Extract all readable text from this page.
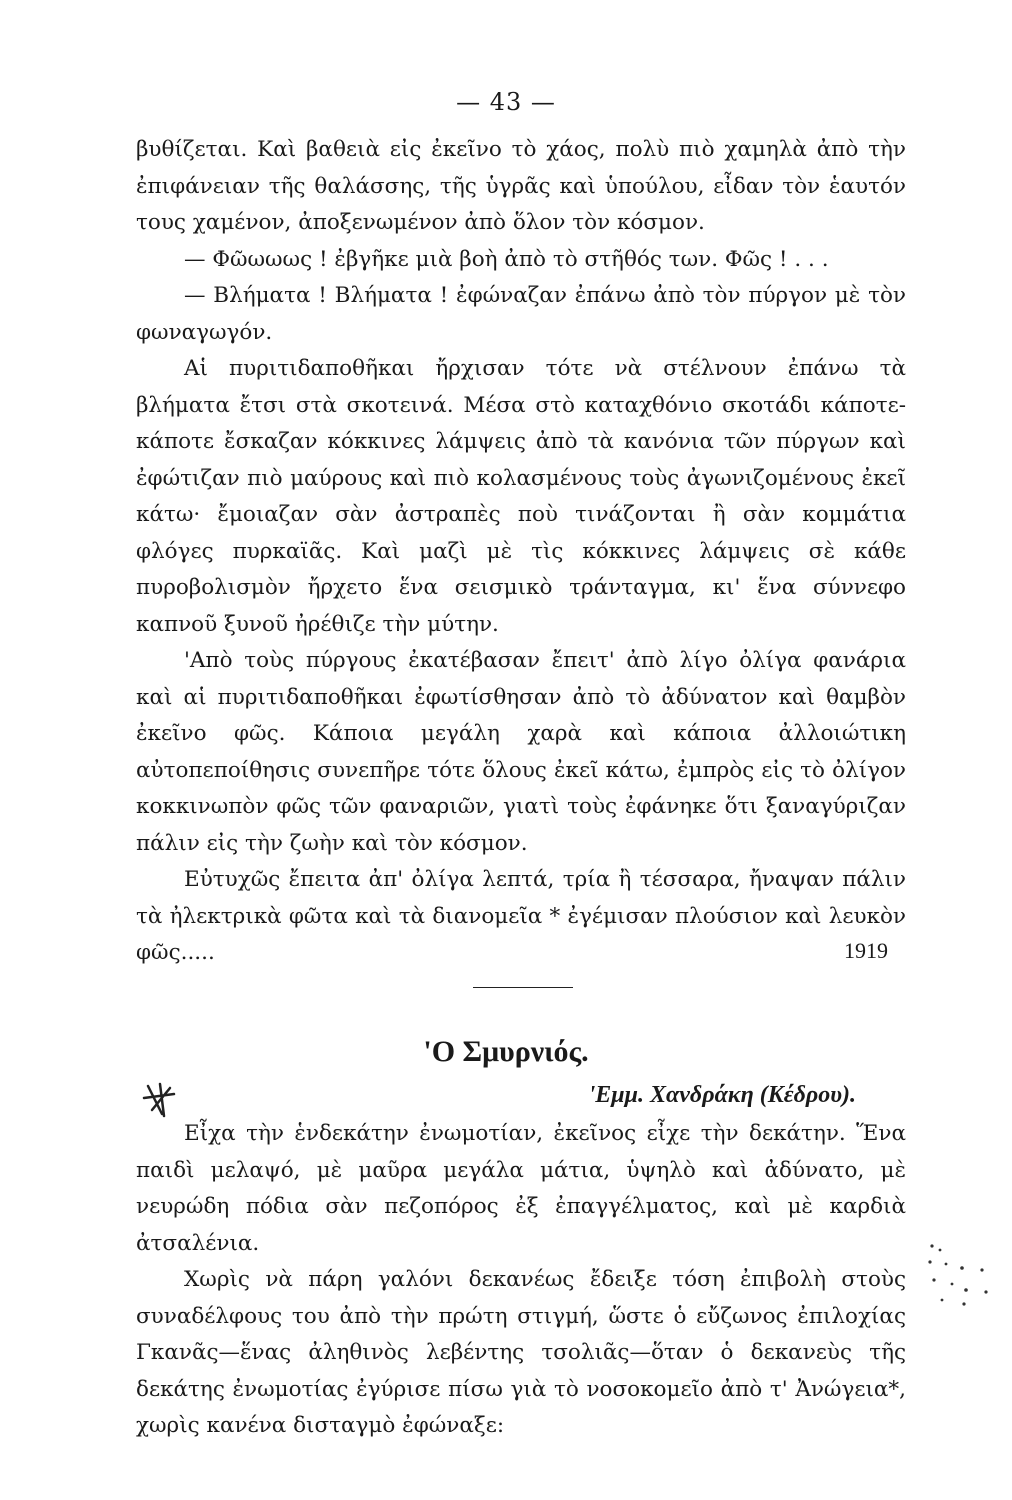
— 43 —

βυθίζεται. Καὶ βαθειὰ εἰς ἐκεῖνο τὸ χάος, πολὺ πιὸ χαμηλὰ ἀπὸ τὴν ἐπιφάνειαν τῆς θαλάσσης, τῆς ὑγρᾶς καὶ ὑπούλου, εἶδαν τὸν ἑαυτόν τους χαμένον, ἀποξενωμένον ἀπὸ ὅλον τὸν κόσμον.

— Φῶωωως ! ἐβγῆκε μιὰ βοὴ ἀπὸ τὸ στῆθός των. Φῶς ! . . .

— Βλήματα ! Βλήματα ! ἐφώναζαν ἐπάνω ἀπὸ τὸν πύργον μὲ τὸν φωναγωγόν.

Αἱ πυριτιδαποθῆκαι ἤρχισαν τότε νὰ στέλνουν ἐπάνω τὰ βλήματα ἔτσι στὰ σκοτεινά. Μέσα στὸ καταχθόνιο σκοτάδι κάποτε-κάποτε ἔσκαζαν κόκκινες λάμψεις ἀπὸ τὰ κανόνια τῶν πύργων καὶ ἐφώτιζαν πιὸ μαύρους καὶ πιὸ κολασμένους τοὺς ἀγωνιζομένους ἐκεῖ κάτω· ἔμοιαζαν σὰν ἀστραπὲς ποὺ τινάζονται ἢ σὰν κομμάτια φλόγες πυρκαϊᾶς. Καὶ μαζὶ μὲ τὶς κόκκινες λάμψεις σὲ κάθε πυροβολισμὸν ἤρχετο ἕνα σεισμικὸ τράνταγμα, κι' ἕνα σύννεφο καπνοῦ ξυνοῦ ἠρέθιζε τὴν μύτην.

'Απὸ τοὺς πύργους ἐκατέβασαν ἔπειτ' ἀπὸ λίγο ὀλίγα φανάρια καὶ αἱ πυριτιδαποθῆκαι ἐφωτίσθησαν ἀπὸ τὸ ἀδύνατον καὶ θαμβὸν ἐκεῖνο φῶς. Κάποια μεγάλη χαρὰ καὶ κάποια ἀλλοιώτικη αὐτοπεποίθησις συνεπῆρε τότε ὅλους ἐκεῖ κάτω, ἐμπρὸς εἰς τὸ ὀλίγον κοκκινωπὸν φῶς τῶν φαναριῶν, γιατὶ τοὺς ἐφάνηκε ὅτι ξαναγύριζαν πάλιν εἰς τὴν ζωὴν καὶ τὸν κόσμον.

Εὐτυχῶς ἔπειτα ἀπ' ὀλίγα λεπτά, τρία ἢ τέσσαρα, ἤναψαν πάλιν τὰ ἠλεκτρικὰ φῶτα καὶ τὰ διανομεῖα * ἐγέμισαν πλούσιον καὶ λευκὸν φῶς.....	1919
'Ο Σμυρνιός.
'Εμμ. Χανδράκη (Κέδρου).

Εἶχα τὴν ἑνδεκάτην ἐνωμοτίαν, ἐκεῖνος εἶχε τὴν δεκάτην. Ἕνα παιδὶ μελαψό, μὲ μαῦρα μεγάλα μάτια, ὑψηλὸ καὶ ἀδύνατο, μὲ νευρώδη πόδια σὰν πεζοπόρος ἐξ ἐπαγγέλματος, καὶ μὲ καρδιὰ ἀτσαλένια.

Χωρὶς νὰ πάρη γαλόνι δεκανέως ἔδειξε τόση ἐπιβολὴ στοὺς συναδέλφους του ἀπὸ τὴν πρώτη στιγμή, ὥστε ὁ εὔζωνος ἐπιλοχίας Γκανᾶς—ἕνας ἀληθινὸς λεβέντης τσολιᾶς—ὅταν ὁ δεκανεὺς τῆς δεκάτης ἐνωμοτίας ἐγύρισε πίσω γιὰ τὸ νοσοκομεῖο ἀπὸ τ' Ἀνώγεια*, χωρὶς κανένα δισταγμὸ ἐφώναξε:
